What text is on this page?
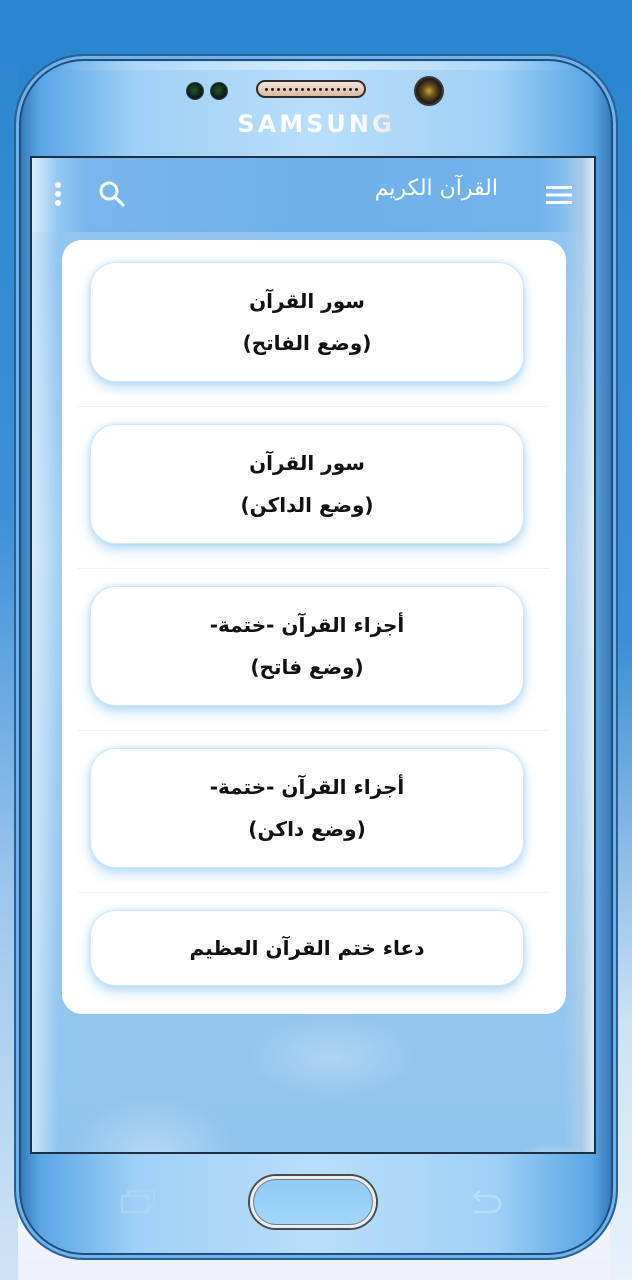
SAMSUNG
القرآن الكريم
سور القرآن
(وضع الفاتح)
سور القرآن
(وضع الداكن)
أجزاء القرآن -ختمة-
(وضع فاتح)
أجزاء القرآن -ختمة-
(وضع داكن)
دعاء ختم القرآن العظيم
